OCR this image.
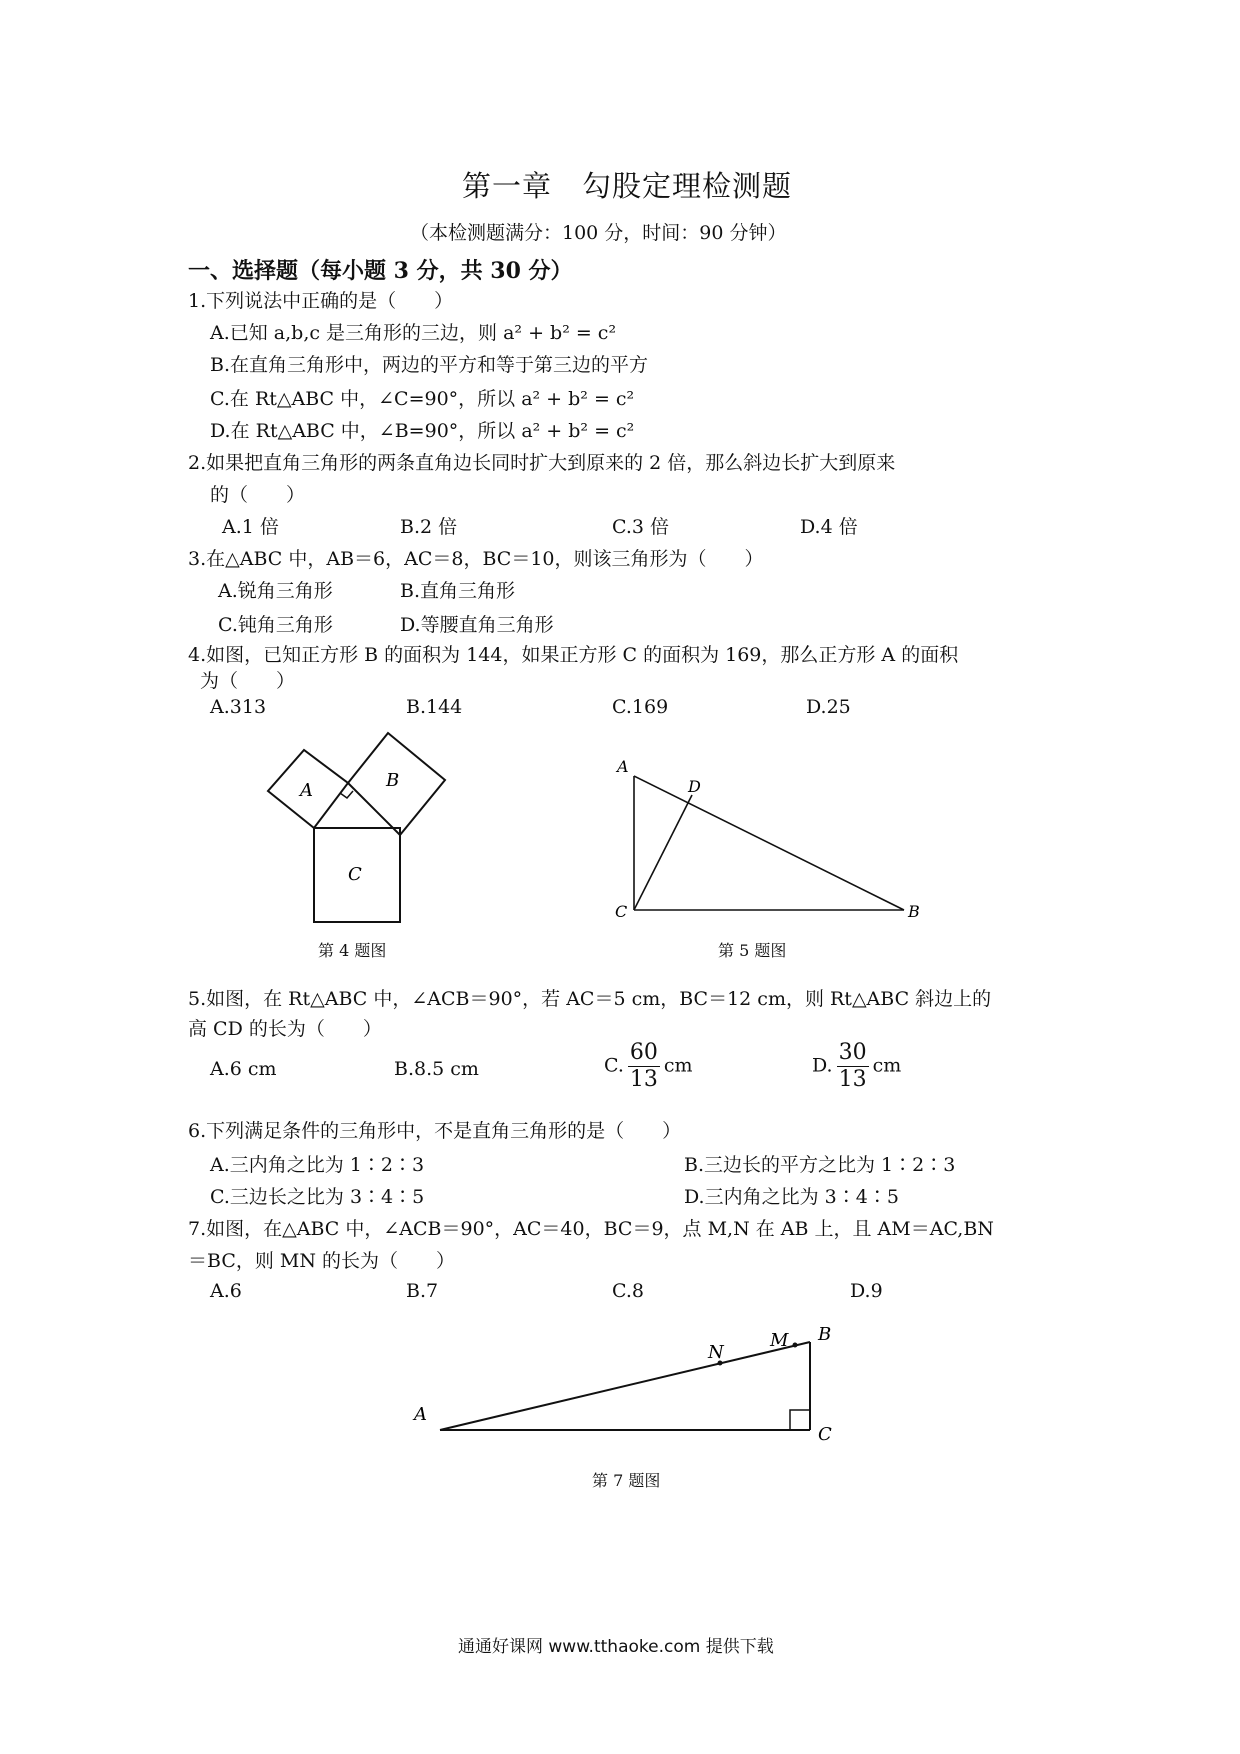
第一章　勾股定理检测题
（本检测题满分：100 分，时间：90 分钟）
一、选择题（每小题 3 分，共 30 分）
1.下列说法中正确的是（　　）
A.已知 a,b,c 是三角形的三边，则 a² + b² = c²
B.在直角三角形中，两边的平方和等于第三边的平方
C.在 Rt△ABC 中，∠C=90°，所以 a² + b² = c²
D.在 Rt△ABC 中，∠B=90°，所以 a² + b² = c²
2.如果把直角三角形的两条直角边长同时扩大到原来的 2 倍，那么斜边长扩大到原来
的（　　）
A.1 倍	B.2 倍	C.3 倍	D.4 倍
3.在△ABC 中，AB＝6，AC＝8，BC＝10，则该三角形为（　　）
A.锐角三角形	B.直角三角形
C.钝角三角形	D.等腰直角三角形
4.如图，已知正方形 B 的面积为 144，如果正方形 C 的面积为 169，那么正方形 A 的面积
为（　　）
A.313	B.144	C.169	D.25
A	B
C
第 4 题图
A
D
C	B
第 5 题图
5.如图，在 Rt△ABC 中，∠ACB＝90°，若 AC＝5 cm，BC＝12 cm，则 Rt△ABC 斜边上的
高 CD 的长为（　　）
A.6 cm	B.8.5 cm	C. $\frac{60}{13}$ cm	D. $\frac{30}{13}$ cm
6.下列满足条件的三角形中，不是直角三角形的是（　　）
A.三内角之比为 1∶2∶3	B.三边长的平方之比为 1∶2∶3
C.三边长之比为 3∶4∶5	D.三内角之比为 3∶4∶5
7.如图，在△ABC 中，∠ACB＝90°，AC＝40，BC＝9，点 M,N 在 AB 上，且 AM＝AC,BN
＝BC，则 MN 的长为（　　）
A.6	B.7	C.8	D.9
A
N
M B
C
第 7 题图
通通好课网 www.tthaoke.com 提供下载
